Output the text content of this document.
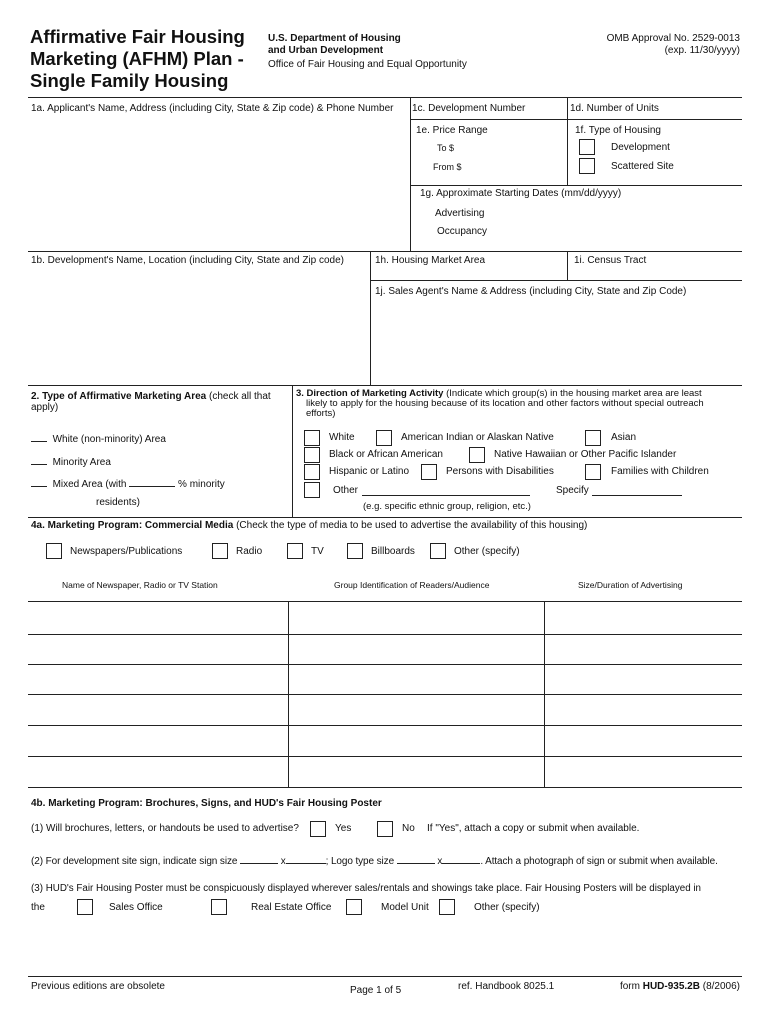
Affirmative Fair Housing
Marketing (AFHM) Plan -
Single Family Housing
U.S. Department of Housing
and Urban Development
Office of Fair Housing and Equal Opportunity
OMB Approval No. 2529-0013
(exp. 11/30/yyyy)
1a. Applicant's Name, Address (including City, State & Zip code) & Phone Number 1c. Development Number	1d. Number of Units
1e. Price Range
To $
From $
1f. Type of Housing
Development
Scattered Site
1g. Approximate Starting Dates (mm/dd/yyyy)
Advertising
Occupancy
1b. Development's Name, Location (including City, State and Zip code)	1h. Housing Market Area	1i. Census Tract
1j. Sales Agent's Name & Address (including City, State and Zip Code)
2. Type of Affirmative Marketing Area (check all that
apply)
White (non-minority) Area
Minority Area
Mixed Area (with	% minority
residents)
3. Direction of Marketing Activity (Indicate which group(s) in the housing market area are least
likely to apply for the housing because of its location and other factors without special outreach
efforts)
White	American Indian or Alaskan Native	Asian
Black or African American	Native Hawaiian or Other Pacific Islander
Hispanic or Latino	Persons with Disabilities	Families with Children
Other	Specify
(e.g. specific ethnic group, religion, etc.)
4a. Marketing Program: Commercial Media (Check the type of media to be used to advertise the availability of this housing)
Newspapers/Publications	Radio	TV	Billboards	Other (specify)
Name of Newspaper, Radio or TV Station	Group Identification of Readers/Audience	Size/Duration of Advertising
4b. Marketing Program: Brochures, Signs, and HUD's Fair Housing Poster
(1) Will brochures, letters, or handouts be used to advertise?	Yes	No If "Yes", attach a copy or submit when available.
(2) For development site sign, indicate sign size	x	; Logo type size	x	. Attach a photograph of sign or submit when available.
(3) HUD's Fair Housing Poster must be conspicuously displayed wherever sales/rentals and showings take place. Fair Housing Posters will be displayed in
the	Sales Office	Real Estate Office	Model Unit	Other (specify)
Previous editions are obsolete	Page 1 of 5	ref. Handbook 8025.1	form HUD-935.2B (8/2006)
